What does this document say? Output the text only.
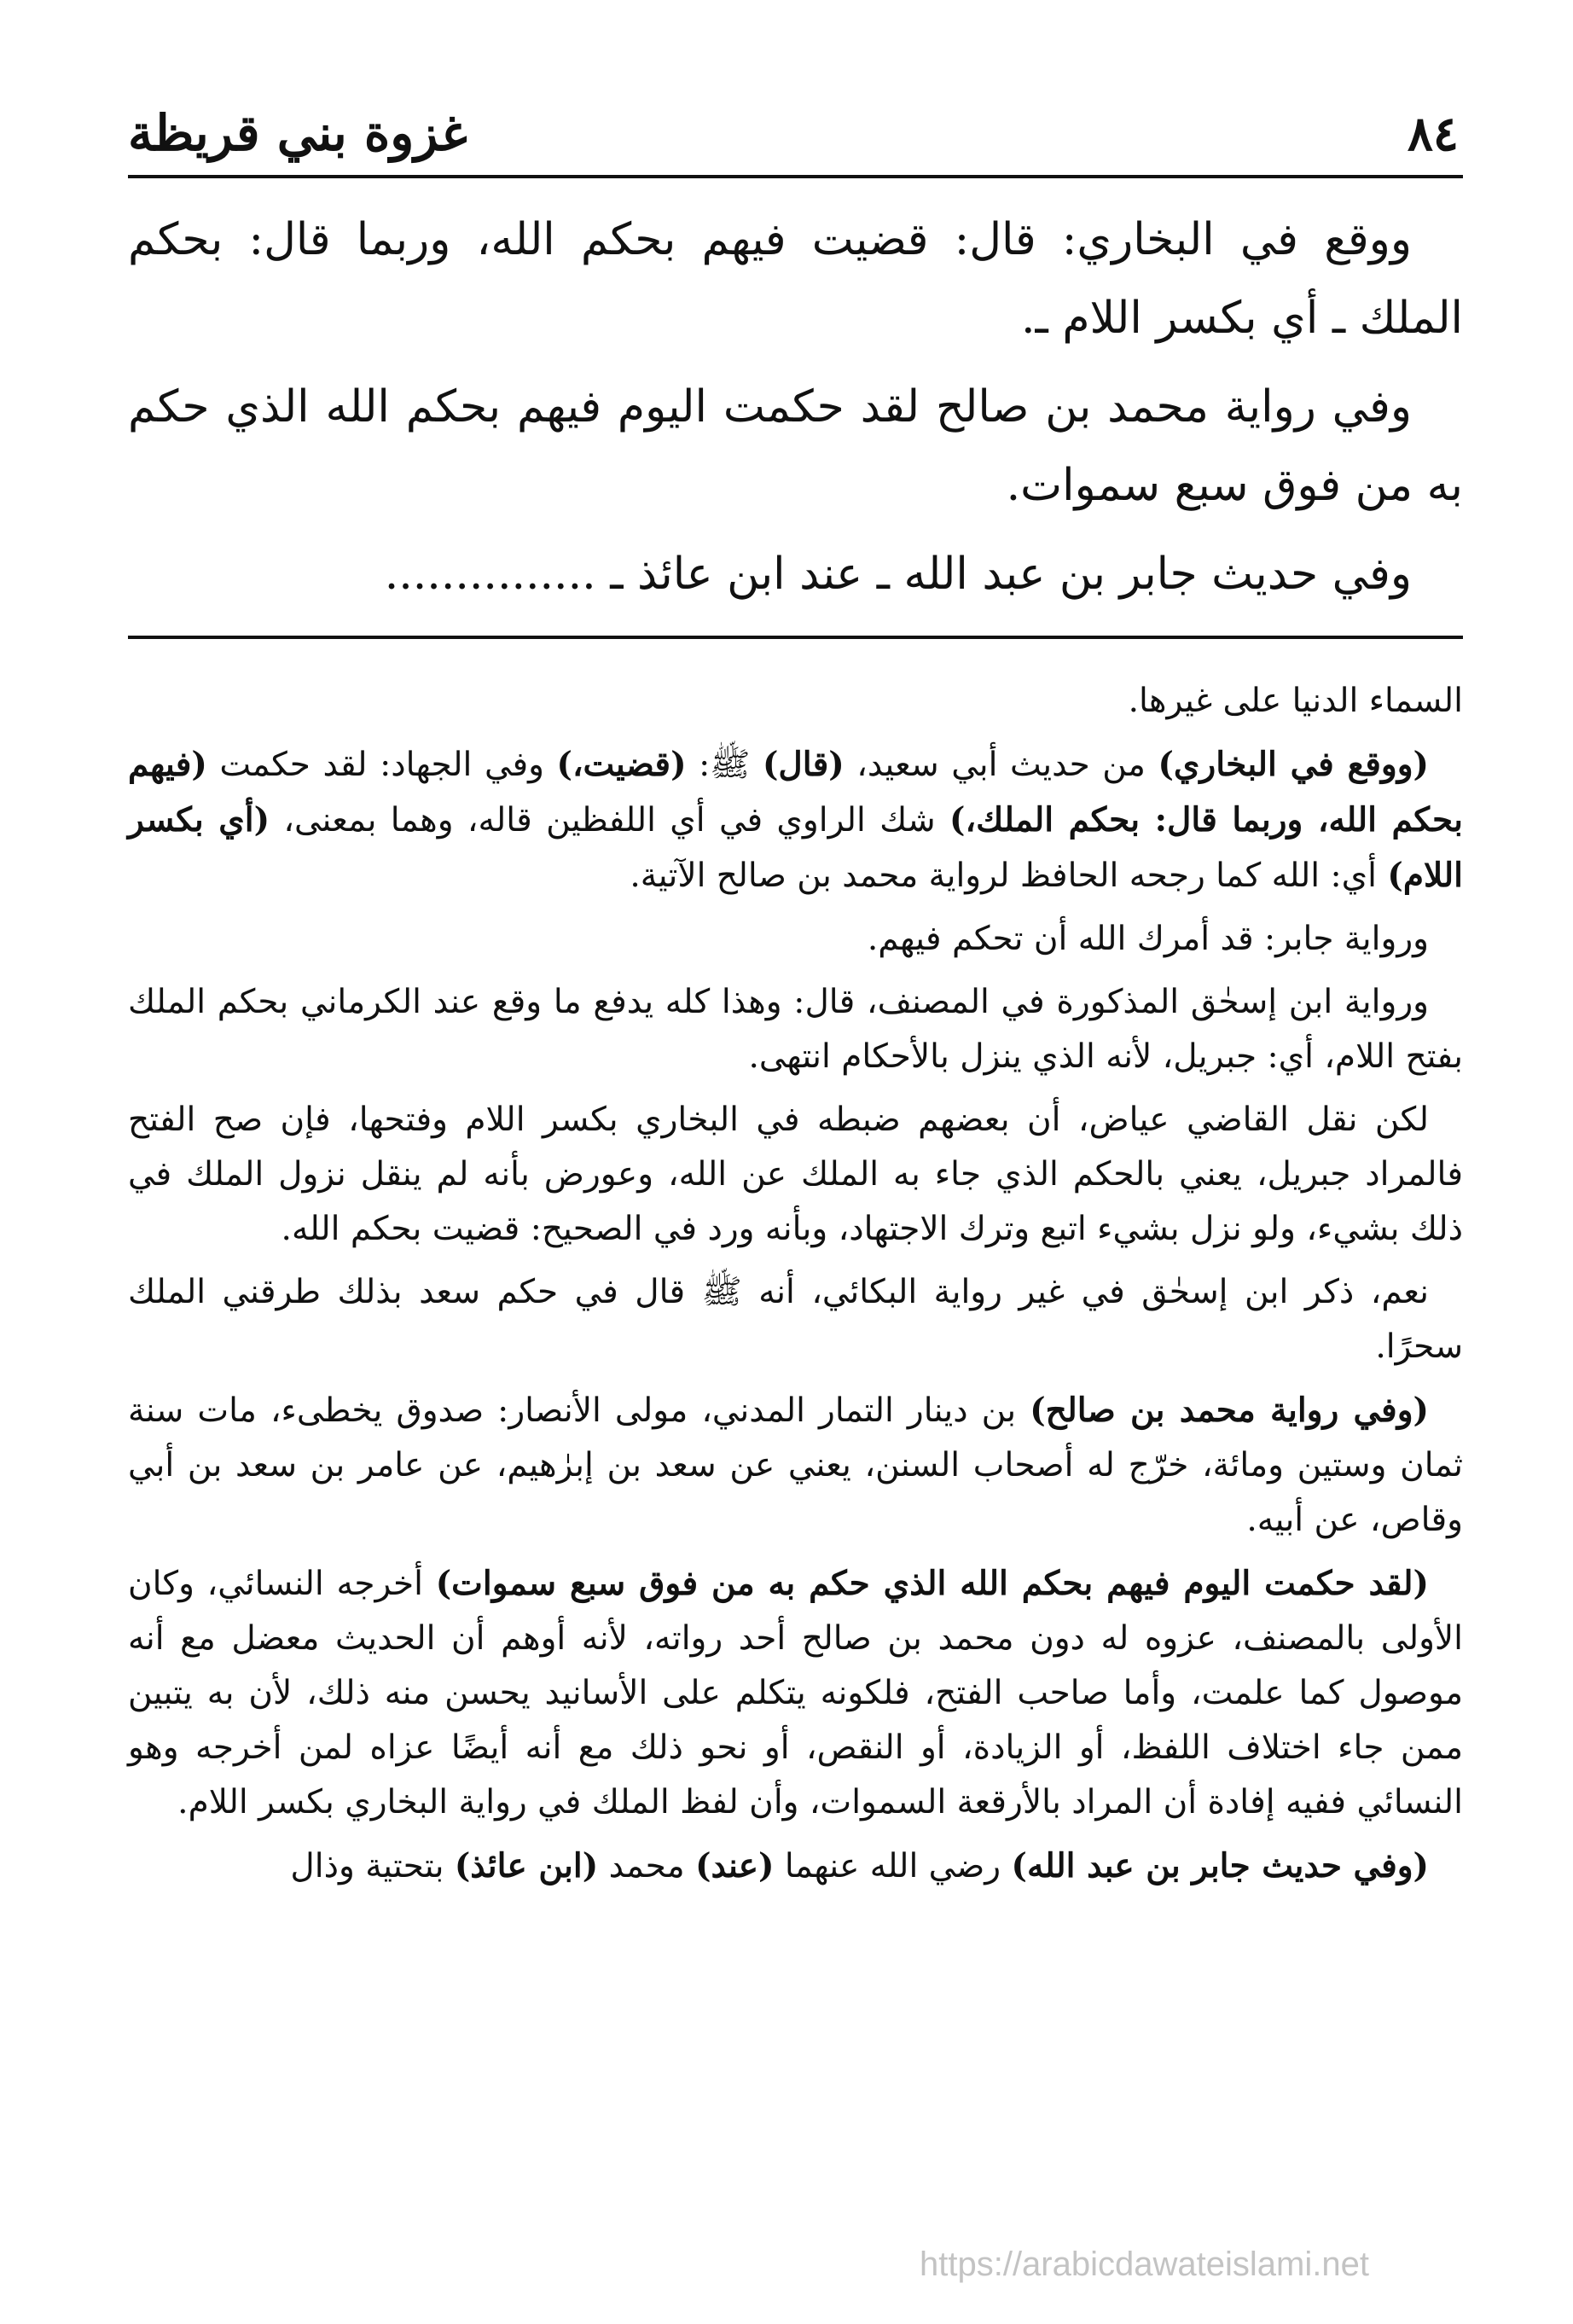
غزوة بني قريظة	٨٤

ووقع في البخاري: قال: قضيت فيهم بحكم الله، وربما قال: بحكم الملك ـ أي بكسر اللام ـ.

وفي رواية محمد بن صالح لقد حكمت اليوم فيهم بحكم الله الذي حكم به من فوق سبع سموات.

وفي حديث جابر بن عبد الله ـ عند ابن عائذ ـ ...............

السماء الدنيا على غيرها.

(ووقع في البخاري) من حديث أبي سعيد، (قال) ﷺ: (قضيت،) وفي الجهاد: لقد حكمت (فيهم بحكم الله، وربما قال: بحكم الملك،) شك الراوي في أي اللفظين قاله، وهما بمعنى، (أي بكسر اللام) أي: الله كما رجحه الحافظ لرواية محمد بن صالح الآتية.

ورواية جابر: قد أمرك الله أن تحكم فيهم.

ورواية ابن إسحٰق المذكورة في المصنف، قال: وهذا كله يدفع ما وقع عند الكرماني بحكم الملك بفتح اللام، أي: جبريل، لأنه الذي ينزل بالأحكام انتهى.

لكن نقل القاضي عياض، أن بعضهم ضبطه في البخاري بكسر اللام وفتحها، فإن صح الفتح فالمراد جبريل، يعني بالحكم الذي جاء به الملك عن الله، وعورض بأنه لم ينقل نزول الملك في ذلك بشيء، ولو نزل بشيء اتبع وترك الاجتهاد، وبأنه ورد في الصحيح: قضيت بحكم الله.

نعم، ذكر ابن إسحٰق في غير رواية البكائي، أنه ﷺ قال في حكم سعد بذلك طرقني الملك سحرًا.

(وفي رواية محمد بن صالح) بن دينار التمار المدني، مولى الأنصار: صدوق يخطىء، مات سنة ثمان وستين ومائة، خرّج له أصحاب السنن، يعني عن سعد بن إبرٰهيم، عن عامر بن سعد بن أبي وقاص، عن أبيه.

(لقد حكمت اليوم فيهم بحكم الله الذي حكم به من فوق سبع سموات) أخرجه النسائي، وكان الأولى بالمصنف، عزوه له دون محمد بن صالح أحد رواته، لأنه أوهم أن الحديث معضل مع أنه موصول كما علمت، وأما صاحب الفتح، فلكونه يتكلم على الأسانيد يحسن منه ذلك، لأن به يتبين ممن جاء اختلاف اللفظ، أو الزيادة، أو النقص، أو نحو ذلك مع أنه أيضًا عزاه لمن أخرجه وهو النسائي ففيه إفادة أن المراد بالأرقعة السموات، وأن لفظ الملك في رواية البخاري بكسر اللام.

(وفي حديث جابر بن عبد الله) رضي الله عنهما (عند) محمد (ابن عائذ) بتحتية وذال

https://arabicdawateislami.net
